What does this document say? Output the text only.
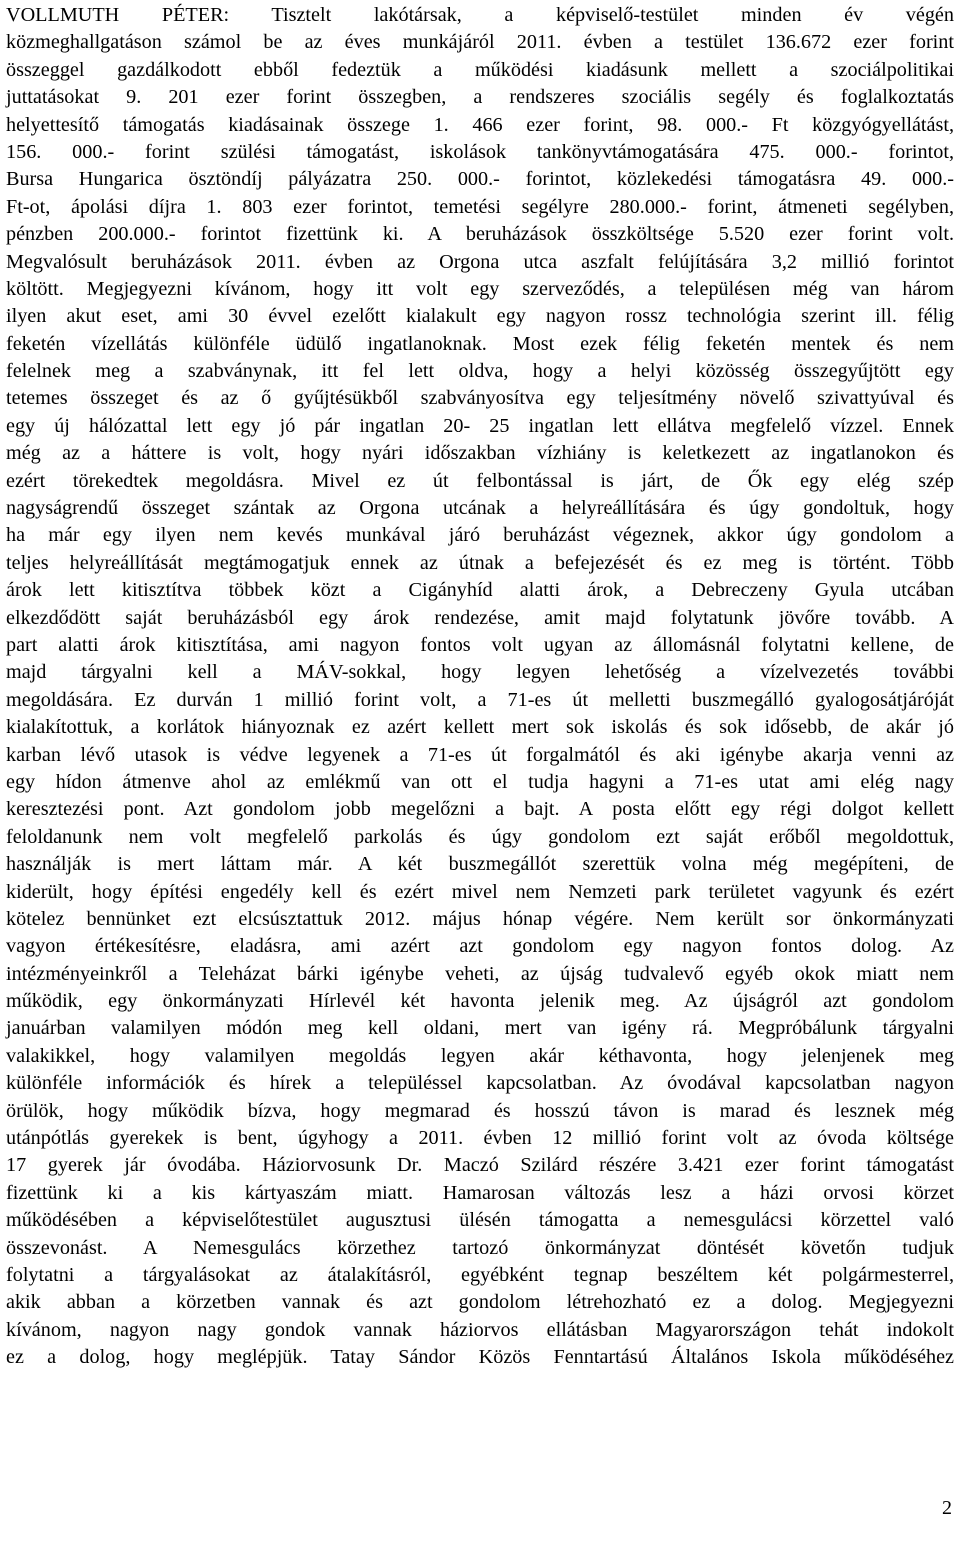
VOLLMUTH PÉTER: Tisztelt lakótársak, a képviselő-testület minden év végén
közmeghallgatáson számol be az éves munkájáról 2011. évben a testület 136.672 ezer forint
összeggel gazdálkodott ebből fedeztük a működési kiadásunk mellett a szociálpolitikai
juttatásokat 9. 201 ezer forint összegben, a rendszeres szociális segély és foglalkoztatás
helyettesítő támogatás kiadásainak összege 1. 466 ezer forint, 98. 000.- Ft közgyógyellátást,
156. 000.- forint szülési támogatást, iskolások tankönyvtámogatására 475. 000.- forintot,
Bursa Hungarica ösztöndíj pályázatra 250. 000.- forintot, közlekedési támogatásra 49. 000.-
Ft-ot, ápolási díjra 1. 803 ezer forintot, temetési segélyre 280.000.- forint, átmeneti segélyben,
pénzben 200.000.- forintot fizettünk ki. A beruházások összköltsége 5.520 ezer forint volt.
Megvalósult beruházások 2011. évben az Orgona utca aszfalt felújítására 3,2 millió forintot
költött. Megjegyezni kívánom, hogy itt volt egy szerveződés, a településen még van három
ilyen akut eset, ami 30 évvel ezelőtt kialakult egy nagyon rossz technológia szerint ill. félig
feketén vízellátás különféle üdülő ingatlanoknak. Most ezek félig feketén mentek és nem
felelnek meg a szabványnak, itt fel lett oldva, hogy a helyi közösség összegyűjtött egy
tetemes összeget és az ő gyűjtésükből szabványosítva egy teljesítmény növelő szivattyúval és
egy új hálózattal lett egy jó pár ingatlan 20- 25 ingatlan lett ellátva megfelelő vízzel. Ennek
még az a háttere is volt, hogy nyári időszakban vízhiány is keletkezett az ingatlanokon és
ezért törekedtek megoldásra. Mivel ez út felbontással is járt, de Ők egy elég szép
nagyságrendű összeget szántak az Orgona utcának a helyreállítására és úgy gondoltuk, hogy
ha már egy ilyen nem kevés munkával járó beruházást végeznek, akkor úgy gondolom a
teljes helyreállítását megtámogatjuk ennek az útnak a befejezését és ez meg is történt. Több
árok lett kitisztítva többek közt a Cigányhíd alatti árok, a Debreczeny Gyula utcában
elkezdődött saját beruházásból egy árok rendezése, amit majd folytatunk jövőre tovább. A
part alatti árok kitisztítása, ami nagyon fontos volt ugyan az állomásnál folytatni kellene, de
majd tárgyalni kell a MÁV-sokkal, hogy legyen lehetőség a vízelvezetés további
megoldására. Ez durván 1 millió forint volt, a 71-es út melletti buszmegálló gyalogosátjáróját
kialakítottuk, a korlátok hiányoznak ez azért kellett mert sok iskolás és sok idősebb, de akár jó
karban lévő utasok is védve legyenek a 71-es út forgalmától és aki igénybe akarja venni az
egy hídon átmenve ahol az emlékmű van ott el tudja hagyni a 71-es utat ami elég nagy
keresztezési pont. Azt gondolom jobb megelőzni a bajt. A posta előtt egy régi dolgot kellett
feloldanunk nem volt megfelelő parkolás és úgy gondolom ezt saját erőből megoldottuk,
használják is mert láttam már. A két buszmegállót szerettük volna még megépíteni, de
kiderült, hogy építési engedély kell és ezért mivel nem Nemzeti park területet vagyunk és ezért
kötelez bennünket ezt elcsúsztattuk 2012. május hónap végére. Nem került sor önkormányzati
vagyon értékesítésre, eladásra, ami azért azt gondolom egy nagyon fontos dolog. Az
intézményeinkről a Teleházat bárki igénybe veheti, az újság tudvalevő egyéb okok miatt nem
működik, egy önkormányzati Hírlevél két havonta jelenik meg. Az újságról azt gondolom
januárban valamilyen módón meg kell oldani, mert van igény rá. Megpróbálunk tárgyalni
valakikkel, hogy valamilyen megoldás legyen akár kéthavonta, hogy jelenjenek meg
különféle információk és hírek a településsel kapcsolatban. Az óvodával kapcsolatban nagyon
örülök, hogy működik bízva, hogy megmarad és hosszú távon is marad és lesznek még
utánpótlás gyerekek is bent, úgyhogy a 2011. évben 12 millió forint volt az óvoda költsége
17 gyerek jár óvodába. Háziorvosunk Dr. Maczó Szilárd részére 3.421 ezer forint támogatást
fizettünk ki a kis kártyaszám miatt. Hamarosan változás lesz a házi orvosi körzet
működésében a képviselőtestület augusztusi ülésén támogatta a nemesgulácsi körzettel való
összevonást. A Nemesgulács körzethez tartozó önkormányzat döntését követőn tudjuk
folytatni a tárgyalásokat az átalakításról, egyébként tegnap beszéltem két polgármesterrel,
akik abban a körzetben vannak és azt gondolom létrehozható ez a dolog. Megjegyezni
kívánom, nagyon nagy gondok vannak háziorvos ellátásban Magyarországon tehát indokolt
ez a dolog, hogy meglépjük. Tatay Sándor Közös Fenntartású Általános Iskola működéséhez
2
